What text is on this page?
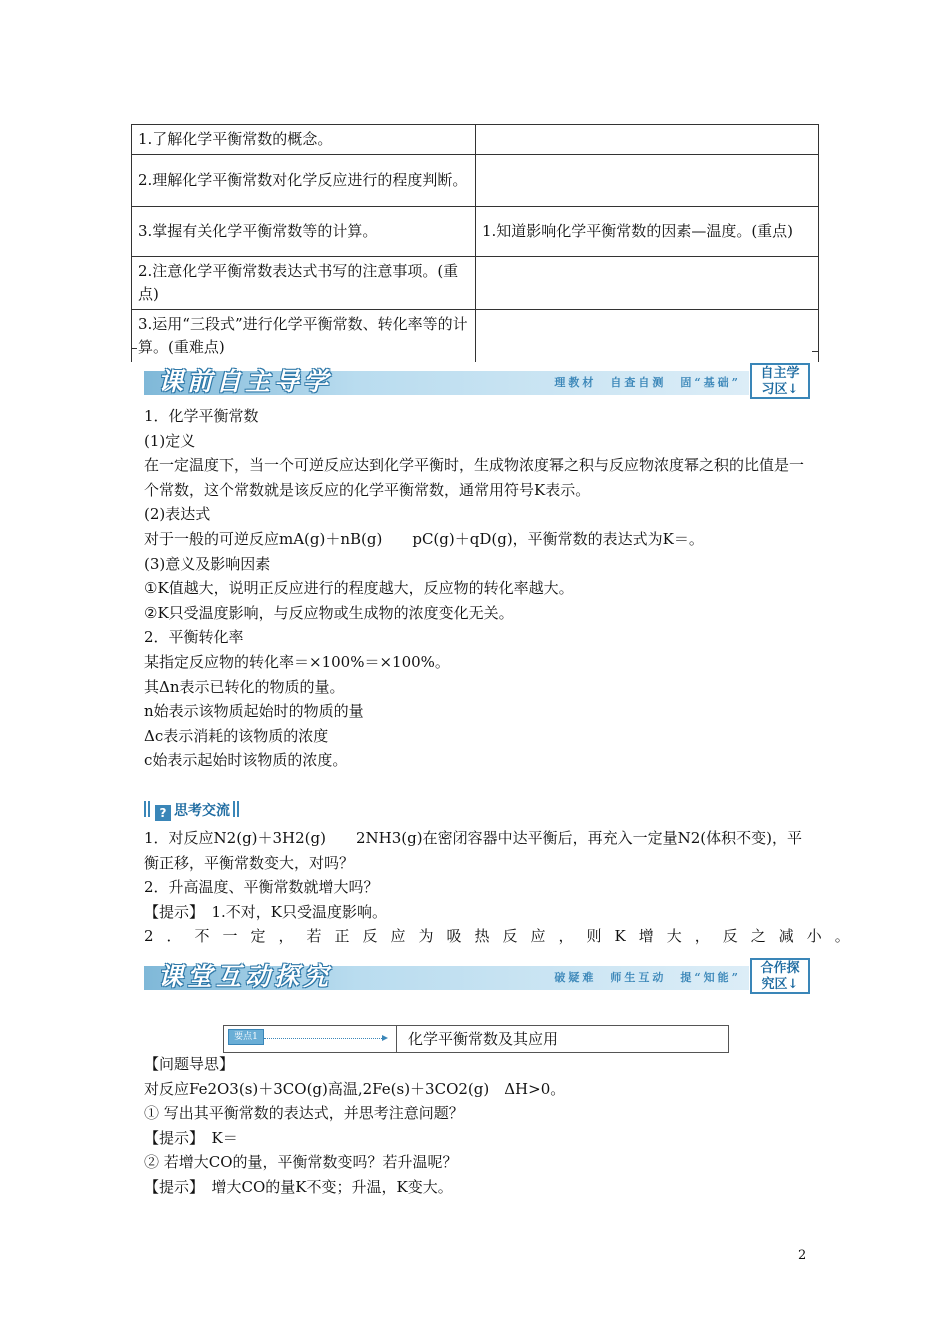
1.了解化学平衡常数的概念。	
2.理解化学平衡常数对化学反应进行的程度判断。	
3.掌握有关化学平衡常数等的计算。	1.知道影响化学平衡常数的因素—温度。(重点)
2.注意化学平衡常数表达式书写的注意事项。(重点)	
3.运用“三段式”进行化学平衡常数、转化率等的计算。(重难点)	
课前自主导学	理教材　自查自测　固“基础”
自主学
习区↓
1．化学平衡常数
(1)定义
在一定温度下，当一个可逆反应达到化学平衡时，生成物浓度幂之积与反应物浓度幂之积的比值是一个常数，这个常数就是该反应的化学平衡常数，通常用符号K表示。
(2)表达式
对于一般的可逆反应mA(g)＋nB(g)　　pC(g)＋qD(g)，平衡常数的表达式为K＝。
(3)意义及影响因素
①K值越大，说明正反应进行的程度越大，反应物的转化率越大。
②K只受温度影响，与反应物或生成物的浓度变化无关。
2．平衡转化率
某指定反应物的转化率＝×100%＝×100%。
其Δn表示已转化的物质的量。
n始表示该物质起始时的物质的量
Δc表示消耗的该物质的浓度
c始表示起始时该物质的浓度。
? 思考交流
1．对反应N2(g)＋3H2(g)　　2NH3(g)在密闭容器中达平衡后，再充入一定量N2(体积不变)，平衡正移，平衡常数变大，对吗？
2．升高温度、平衡常数就增大吗？
【提示】　1.不对，K只受温度影响。
2．不一定，若正反应为吸热反应，则K增大，反之减小。
课堂互动探究	破疑难　师生互动　提“知能”
合作探
究区↓
要点1	化学平衡常数及其应用
【问题导思】
对反应Fe2O3(s)＋3CO(g)高温,2Fe(s)＋3CO2(g)　ΔH>0。
① 写出其平衡常数的表达式，并思考注意问题？
【提示】　K＝
② 若增大CO的量，平衡常数变吗？若升温呢？
【提示】　增大CO的量K不变；升温，K变大。
2
